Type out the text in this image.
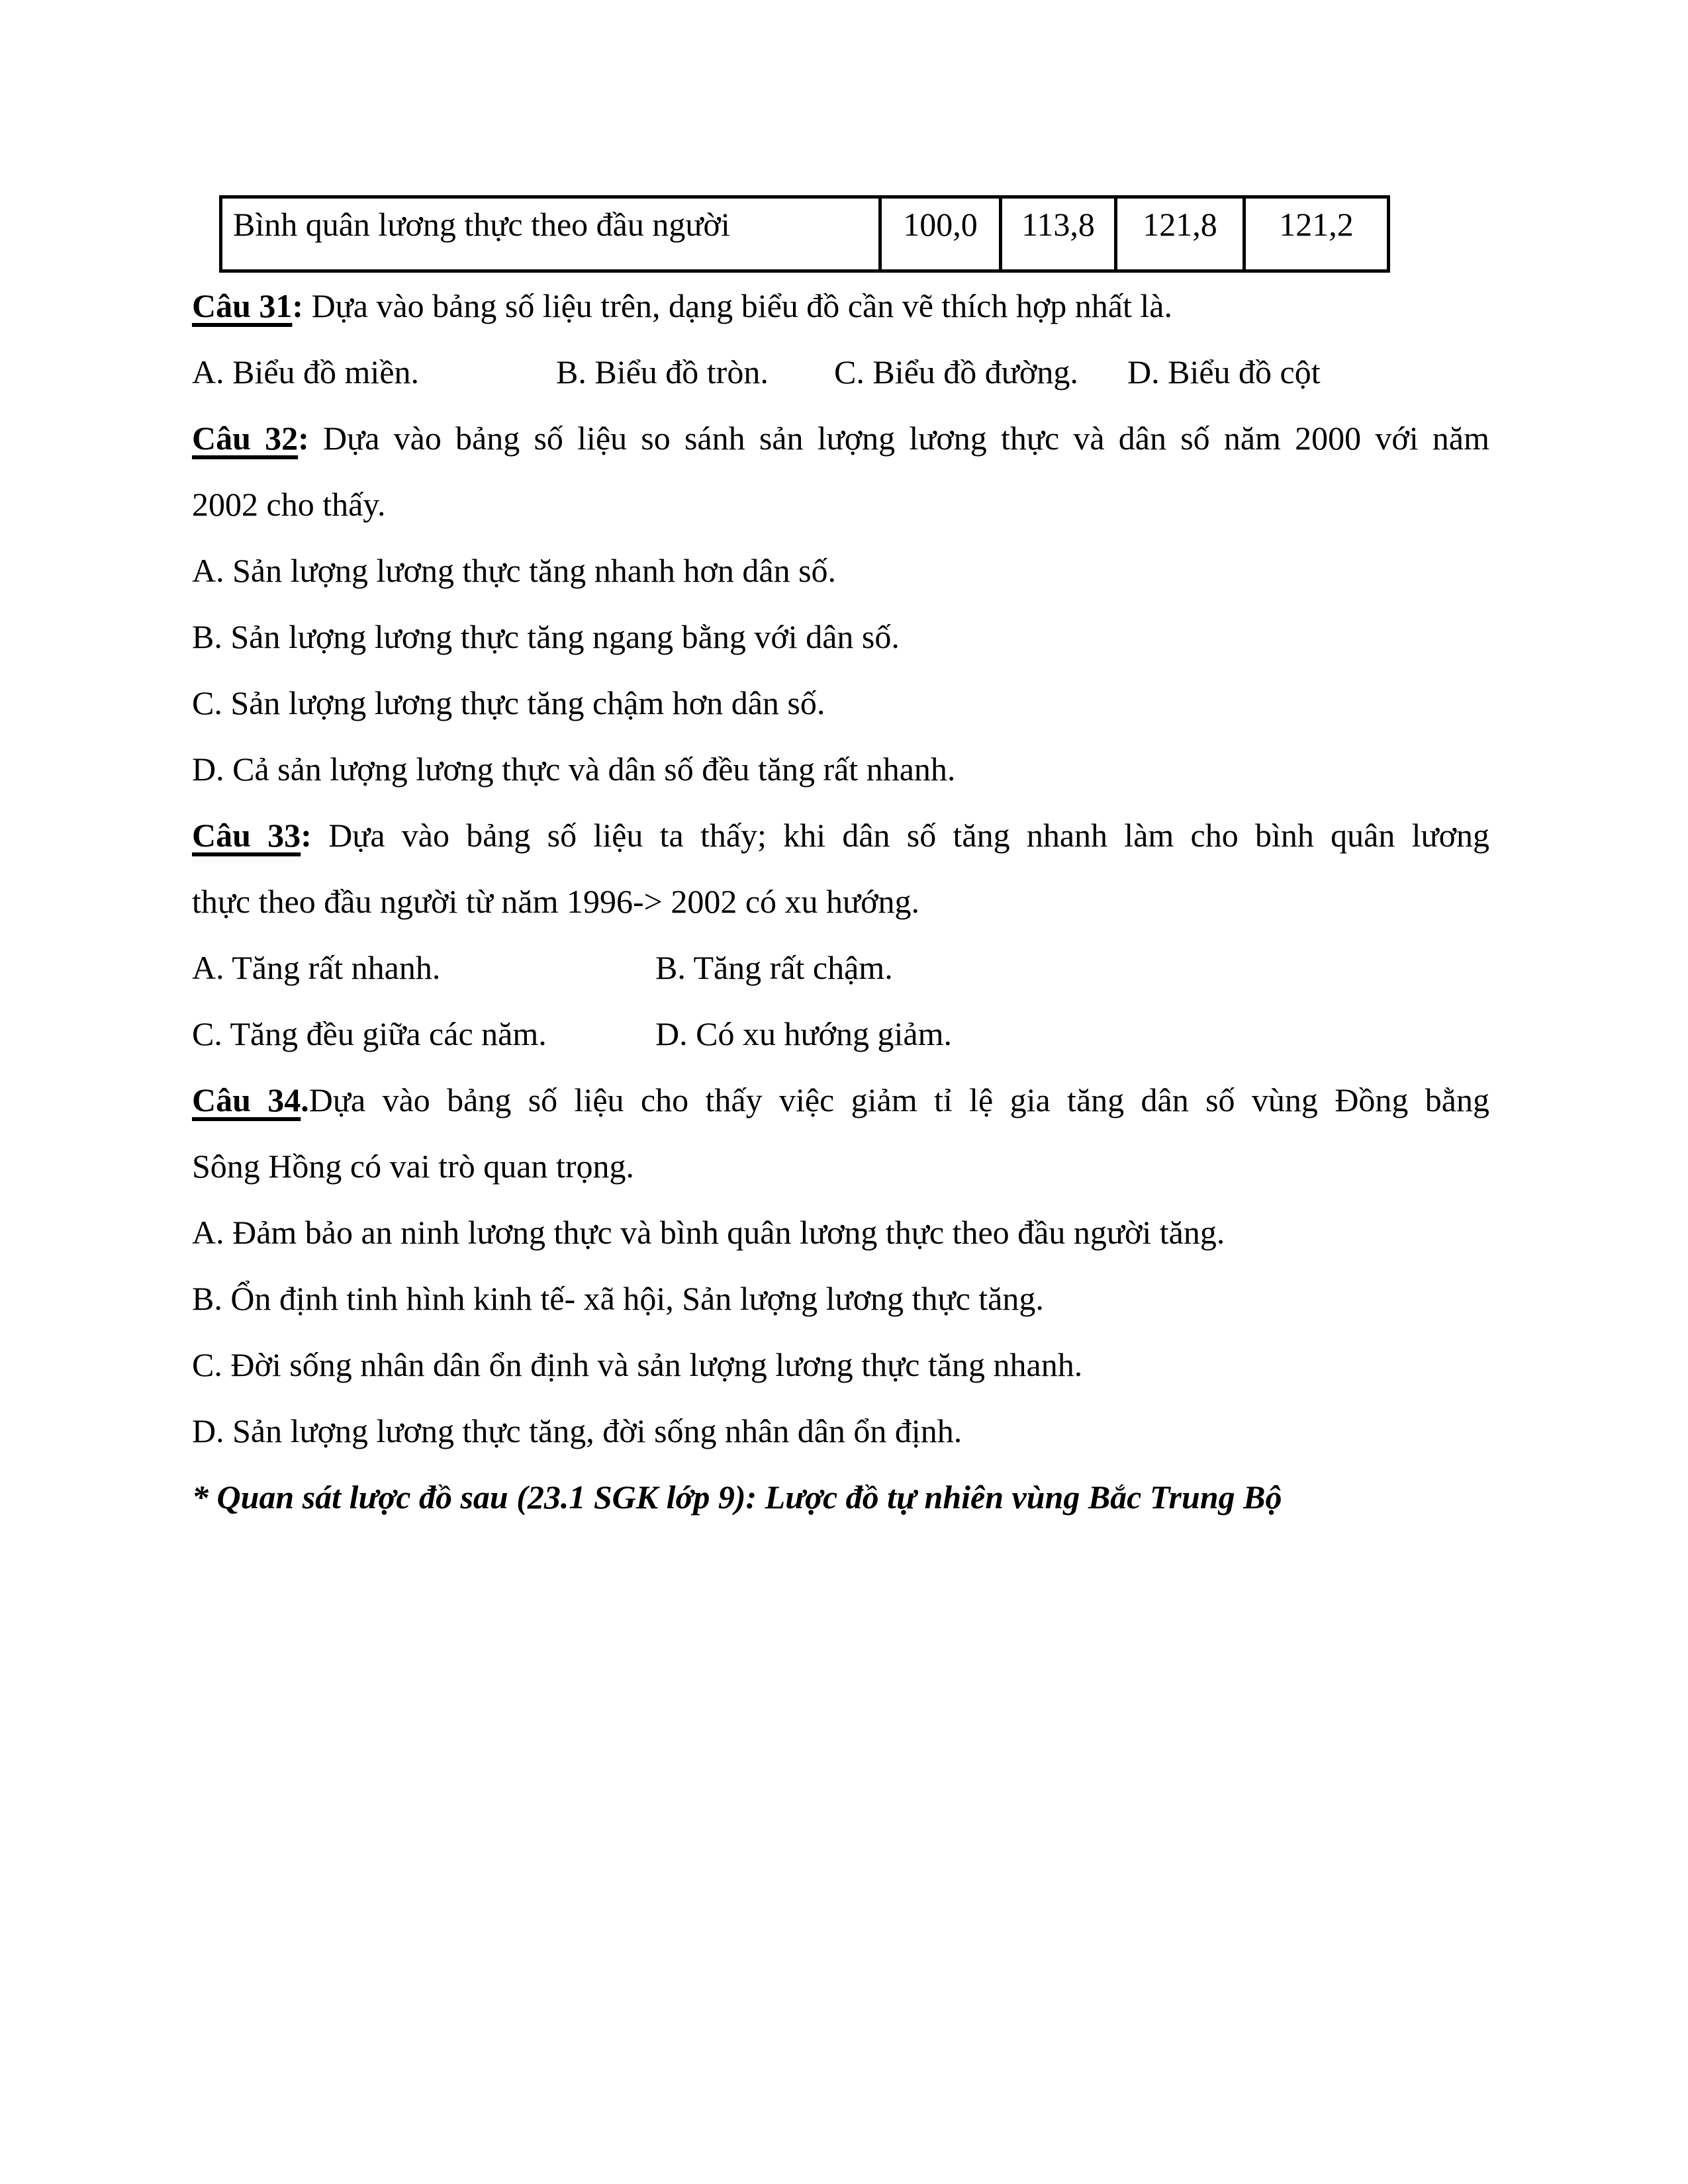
Bình quân lương thực theo đầu người	100,0	113,8	121,8	121,2
Câu 31: Dựa vào bảng số liệu trên, dạng biểu đồ cần vẽ thích hợp nhất là.
A. Biểu đồ miền.	B. Biểu đồ tròn. C. Biểu đồ đường. D. Biểu đồ cột
Câu 32: Dựa vào bảng số liệu so sánh sản lượng lương thực và dân số năm 2000 với năm
2002 cho thấy.
A. Sản lượng lương thực tăng nhanh hơn dân số.
B. Sản lượng lương thực tăng ngang bằng với dân số.
C. Sản lượng lương thực tăng chậm hơn dân số.
D. Cả sản lượng lương thực và dân số đều tăng rất nhanh.
Câu 33: Dựa vào bảng số liệu ta thấy; khi dân số tăng nhanh làm cho bình quân lương
thực theo đầu người từ năm 1996-> 2002 có xu hướng.
A. Tăng rất nhanh.	B. Tăng rất chậm.
C. Tăng đều giữa các năm.	D. Có xu hướng giảm.
Câu 34.Dựa vào bảng số liệu cho thấy việc giảm tỉ lệ gia tăng dân số vùng Đồng bằng
Sông Hồng có vai trò quan trọng.
A. Đảm bảo an ninh lương thực và bình quân lương thực theo đầu người tăng.
B. Ổn định tinh hình kinh tế- xã hội, Sản lượng lương thực tăng.
C. Đời sống nhân dân ổn định và sản lượng lương thực tăng nhanh.
D. Sản lượng lương thực tăng, đời sống nhân dân ổn định.
* Quan sát lược đồ sau (23.1 SGK lớp 9): Lược đồ tự nhiên vùng Bắc Trung Bộ
